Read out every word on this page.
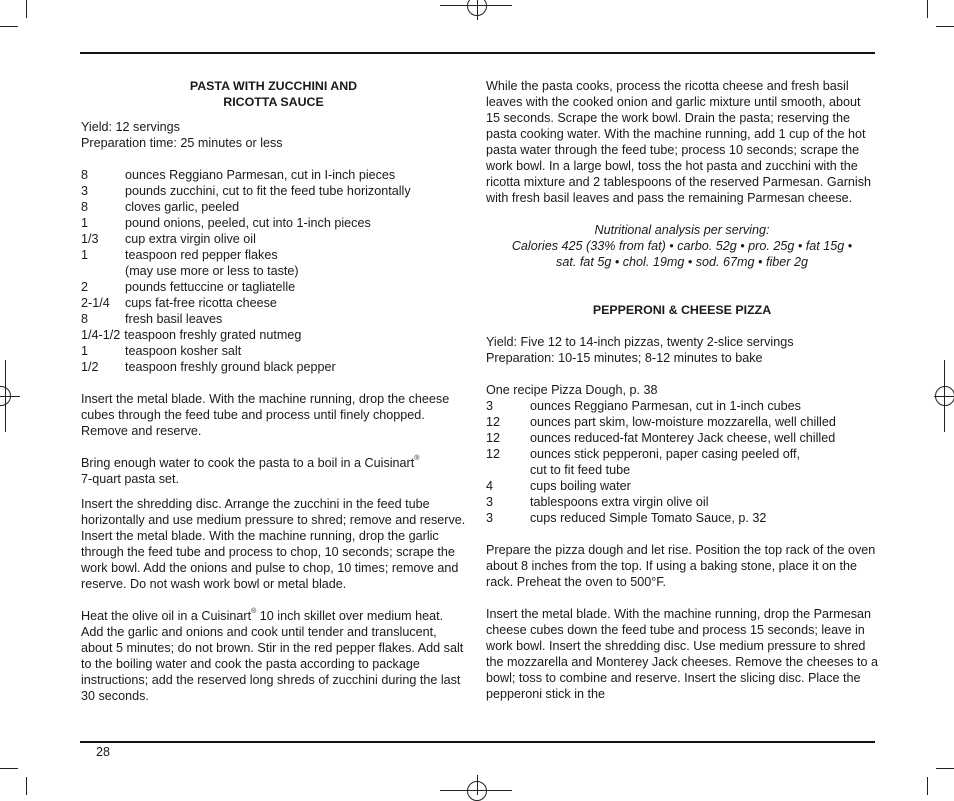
PASTA WITH ZUCCHINI AND
RICOTTA SAUCE
Yield: 12 servings
Preparation time: 25 minutes or less
8	ounces Reggiano Parmesan, cut in I-inch pieces
3	pounds zucchini, cut to fit the feed tube horizontally
8	cloves garlic, peeled
1	pound onions, peeled, cut into 1-inch pieces
1/3	cup extra virgin olive oil
1	teaspoon red pepper flakes
(may use more or less to taste)
2	pounds fettuccine or tagliatelle
2-1/4	cups fat-free ricotta cheese
8	fresh basil leaves
1/4-1/2 teaspoon freshly grated nutmeg
1	teaspoon kosher salt
1/2	teaspoon freshly ground black pepper

Insert the metal blade. With the machine running, drop the cheese cubes through the feed tube and process until finely chopped. Remove and reserve.

Bring enough water to cook the pasta to a boil in a Cuisinart®
7-quart pasta set.

Insert the shredding disc. Arrange the zucchini in the feed tube horizontally and use medium pressure to shred; remove and reserve. Insert the metal blade. With the machine running, drop the garlic through the feed tube and process to chop, 10 seconds; scrape the work bowl. Add the onions and pulse to chop, 10 times; remove and reserve. Do not wash work bowl or metal blade.

Heat the olive oil in a Cuisinart® 10 inch skillet over medium heat. Add the garlic and onions and cook until tender and translucent, about 5 minutes; do not brown. Stir in the red pepper flakes. Add salt to the boiling water and cook the pasta according to package instructions; add the reserved long shreds of zucchini during the last 30 seconds.

While the pasta cooks, process the ricotta cheese and fresh basil leaves with the cooked onion and garlic mixture until smooth, about 15 seconds. Scrape the work bowl. Drain the pasta; reserving the pasta cooking water. With the machine running, add 1 cup of the hot pasta water through the feed tube; process 10 seconds; scrape the work bowl. In a large bowl, toss the hot pasta and zucchini with the ricotta mixture and 2 tablespoons of the reserved Parmesan. Garnish with fresh basil leaves and pass the remaining Parmesan cheese.

Nutritional analysis per serving:
Calories 425 (33% from fat) • carbo. 52g • pro. 25g • fat 15g •
sat. fat 5g • chol. 19mg • sod. 67mg • fiber 2g
PEPPERONI & CHEESE PIZZA
Yield: Five 12 to 14-inch pizzas, twenty 2-slice servings
Preparation: 10-15 minutes; 8-12 minutes to bake
One recipe Pizza Dough, p. 38
3	ounces Reggiano Parmesan, cut in 1-inch cubes
12	ounces part skim, low-moisture mozzarella, well chilled
12	ounces reduced-fat Monterey Jack cheese, well chilled
12	ounces stick pepperoni, paper casing peeled off,
cut to fit feed tube
4	cups boiling water
3	tablespoons extra virgin olive oil
3	cups reduced Simple Tomato Sauce, p. 32

Prepare the pizza dough and let rise. Position the top rack of the oven about 8 inches from the top. If using a baking stone, place it on the rack. Preheat the oven to 500°F.

Insert the metal blade. With the machine running, drop the Parmesan cheese cubes down the feed tube and process 15 seconds; leave in work bowl. Insert the shredding disc. Use medium pressure to shred the mozzarella and Monterey Jack cheeses. Remove the cheeses to a bowl; toss to combine and reserve. Insert the slicing disc. Place the pepperoni stick in the

28
